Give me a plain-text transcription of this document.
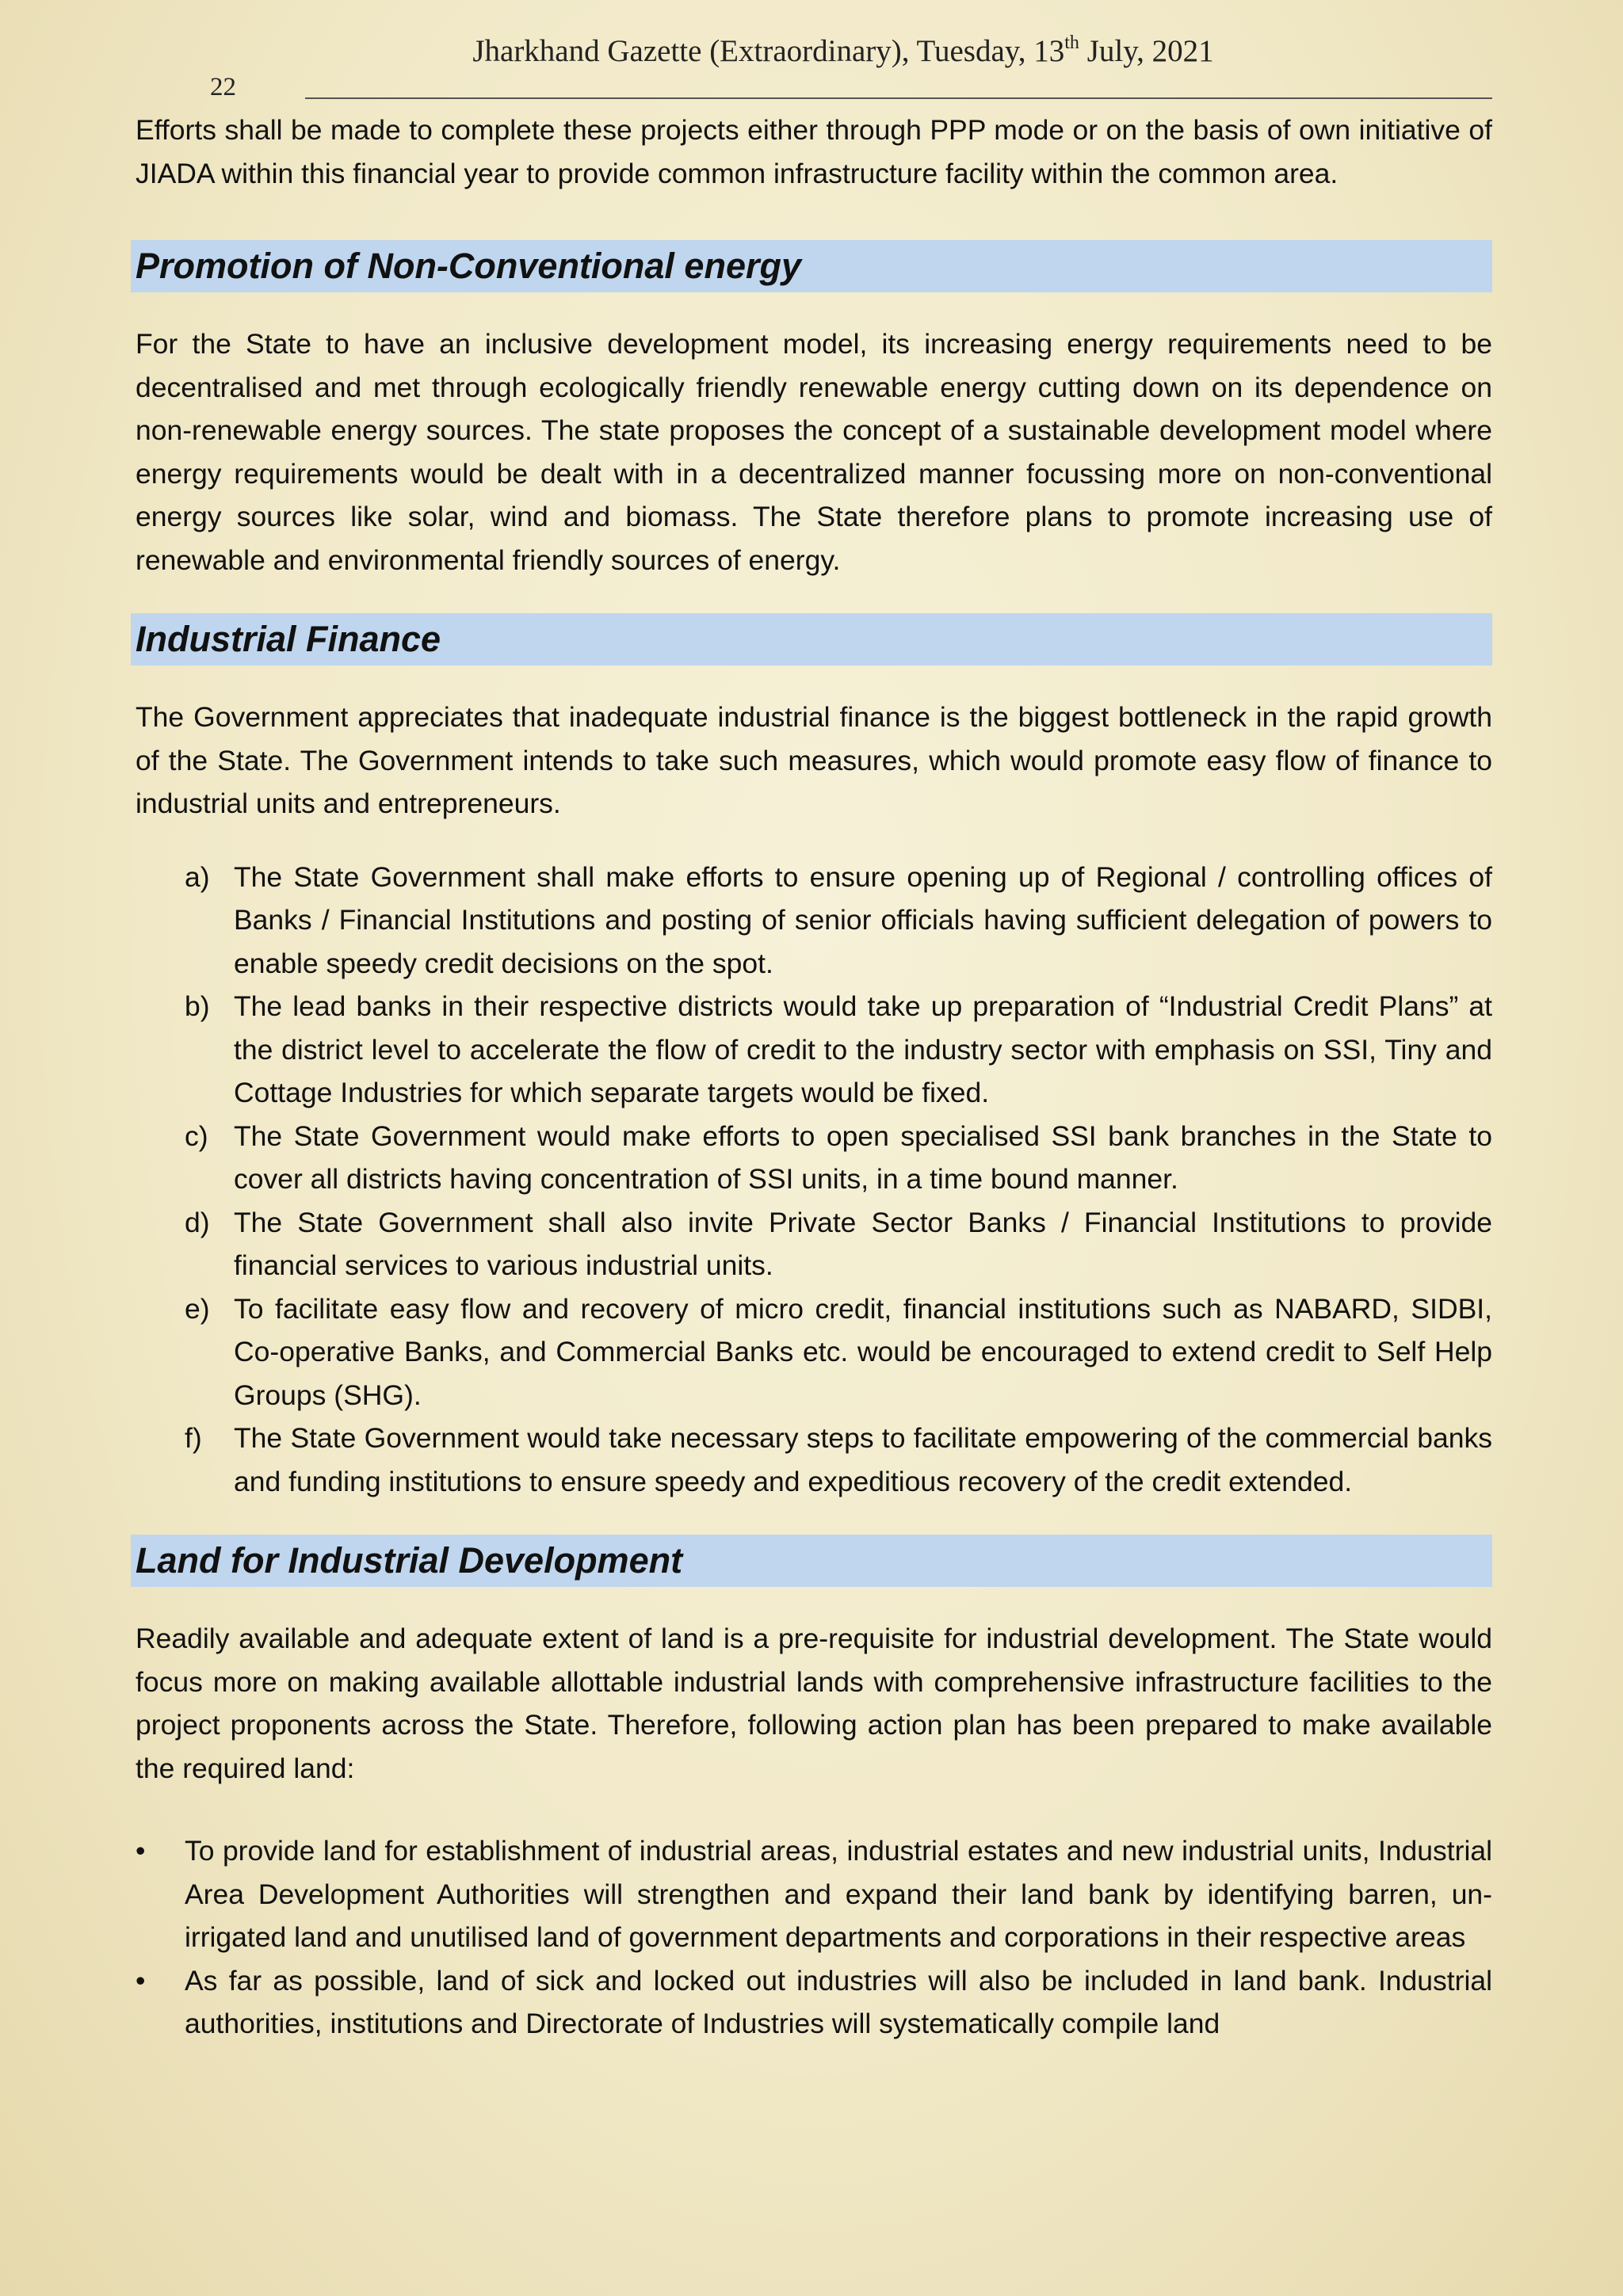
Jharkhand Gazette (Extraordinary), Tuesday, 13th July, 2021
22

Efforts shall be made to complete these projects either through PPP mode or on the basis of own initiative of JIADA within this financial year to provide common infrastructure facility within the common area.

Promotion of Non-Conventional energy

For the State to have an inclusive development model, its increasing energy requirements need to be decentralised and met through ecologically friendly renewable energy cutting down on its dependence on non-renewable energy sources. The state proposes the concept of a sustainable development model where energy requirements would be dealt with in a decentralized manner focussing more on non-conventional energy sources like solar, wind and biomass. The State therefore plans to promote increasing use of renewable and environmental friendly sources of energy.

Industrial Finance

The Government appreciates that inadequate industrial finance is the biggest bottleneck in the rapid growth of the State. The Government intends to take such measures, which would promote easy flow of finance to industrial units and entrepreneurs.

a) The State Government shall make efforts to ensure opening up of Regional / controlling offices of Banks / Financial Institutions and posting of senior officials having sufficient delegation of powers to enable speedy credit decisions on the spot.
b) The lead banks in their respective districts would take up preparation of “Industrial Credit Plans” at the district level to accelerate the flow of credit to the industry sector with emphasis on SSI, Tiny and Cottage Industries for which separate targets would be fixed.
c) The State Government would make efforts to open specialised SSI bank branches in the State to cover all districts having concentration of SSI units, in a time bound manner.
d) The State Government shall also invite Private Sector Banks / Financial Institutions to provide financial services to various industrial units.
e) To facilitate easy flow and recovery of micro credit, financial institutions such as NABARD, SIDBI, Co-operative Banks, and Commercial Banks etc. would be encouraged to extend credit to Self Help Groups (SHG).
f) The State Government would take necessary steps to facilitate empowering of the commercial banks and funding institutions to ensure speedy and expeditious recovery of the credit extended.
Land for Industrial Development

Readily available and adequate extent of land is a pre-requisite for industrial development. The State would focus more on making available allottable industrial lands with comprehensive infrastructure facilities to the project proponents across the State. Therefore, following action plan has been prepared to make available the required land:

• To provide land for establishment of industrial areas, industrial estates and new industrial units, Industrial Area Development Authorities will strengthen and expand their land bank by identifying barren, un-irrigated land and unutilised land of government departments and corporations in their respective areas
• As far as possible, land of sick and locked out industries will also be included in land bank. Industrial authorities, institutions and Directorate of Industries will systematically compile land
